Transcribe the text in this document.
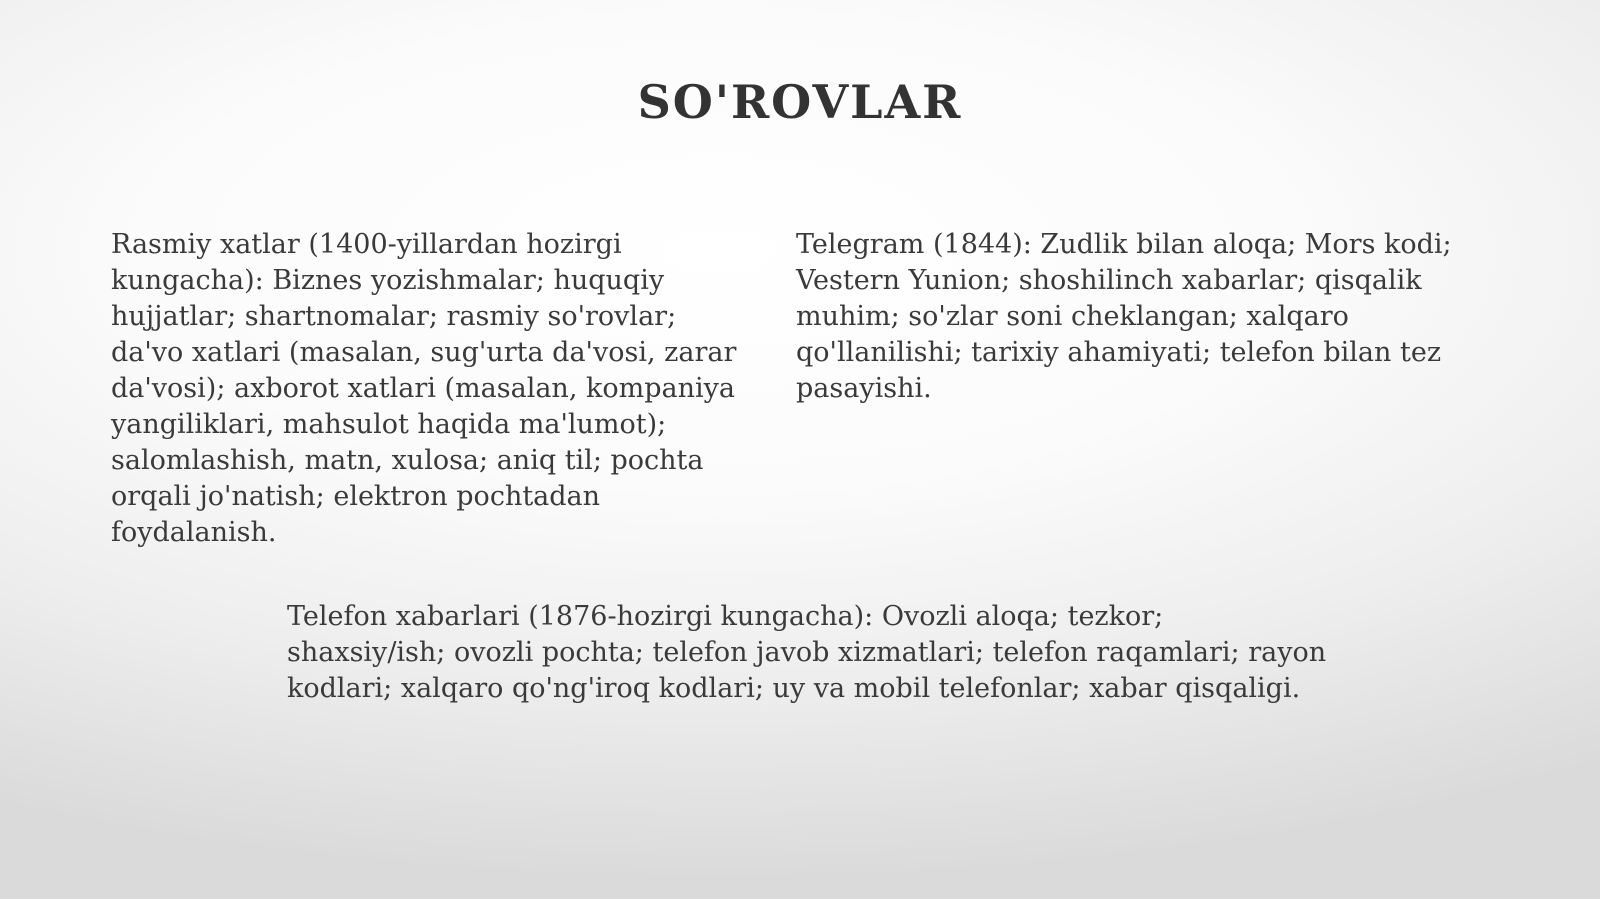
SO'ROVLAR

Rasmiy xatlar (1400-yillardan hozirgi kungacha): Biznes yozishmalar; huquqiy hujjatlar; shartnomalar; rasmiy so'rovlar; da'vo xatlari (masalan, sug'urta da'vosi, zarar da'vosi); axborot xatlari (masalan, kompaniya yangiliklari, mahsulot haqida ma'lumot); salomlashish, matn, xulosa; aniq til; pochta orqali jo'natish; elektron pochtadan foydalanish.

Telegram (1844): Zudlik bilan aloqa; Mors kodi; Vestern Yunion; shoshilinch xabarlar; qisqalik muhim; so'zlar soni cheklangan; xalqaro qo'llanilishi; tarixiy ahamiyati; telefon bilan tez pasayishi.

Telefon xabarlari (1876-hozirgi kungacha): Ovozli aloqa; tezkor; shaxsiy/ish; ovozli pochta; telefon javob xizmatlari; telefon raqamlari; rayon kodlari; xalqaro qo'ng'iroq kodlari; uy va mobil telefonlar; xabar qisqaligi.
